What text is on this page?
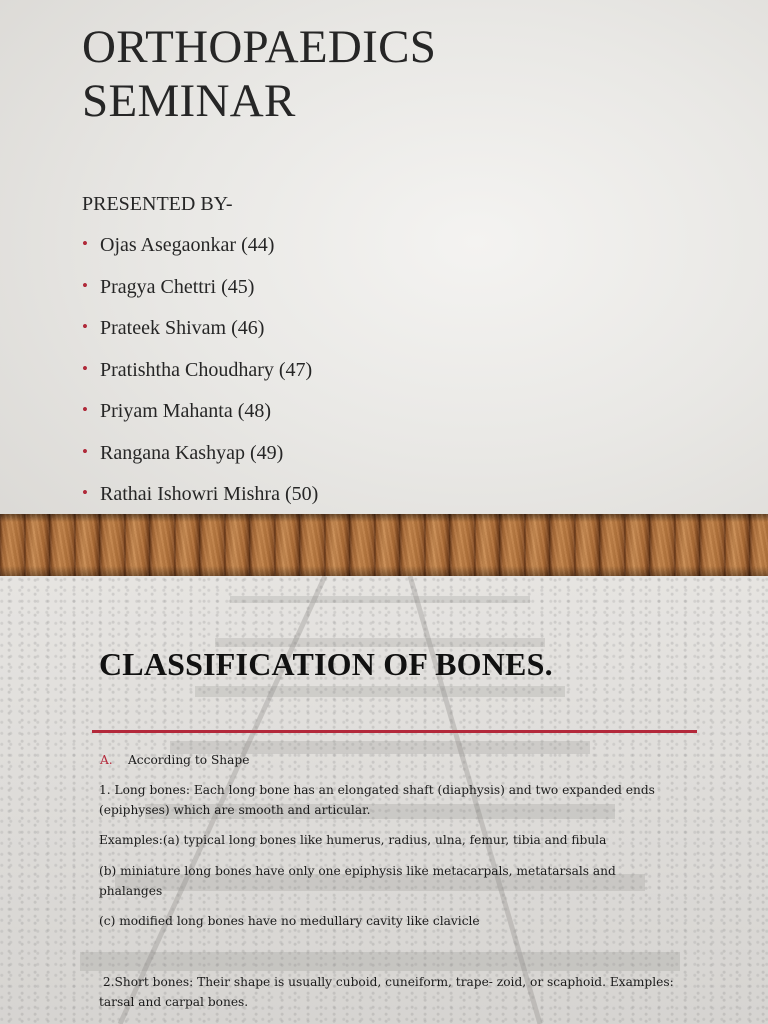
ORTHOPAEDICS
SEMINAR
PRESENTED BY-
• Ojas Asegaonkar (44)
• Pragya Chettri (45)
• Prateek Shivam (46)
• Pratishtha Choudhary (47)
• Priyam Mahanta (48)
• Rangana Kashyap (49)
• Rathai Ishowri Mishra (50)
CLASSIFICATION OF BONES.
A. According to Shape

1. Long bones: Each long bone has an elongated shaft (diaphysis) and two expanded ends (epiphyses) which are smooth and articular.

Examples:(a) typical long bones like humerus, radius, ulna, femur, tibia and fibula

(b) miniature long bones have only one epiphysis like metacarpals, metatarsals and phalanges

(c) modified long bones have no medullary cavity like clavicle

2.Short bones: Their shape is usually cuboid, cuneiform, trape- zoid, or scaphoid. Examples: tarsal and carpal bones.
